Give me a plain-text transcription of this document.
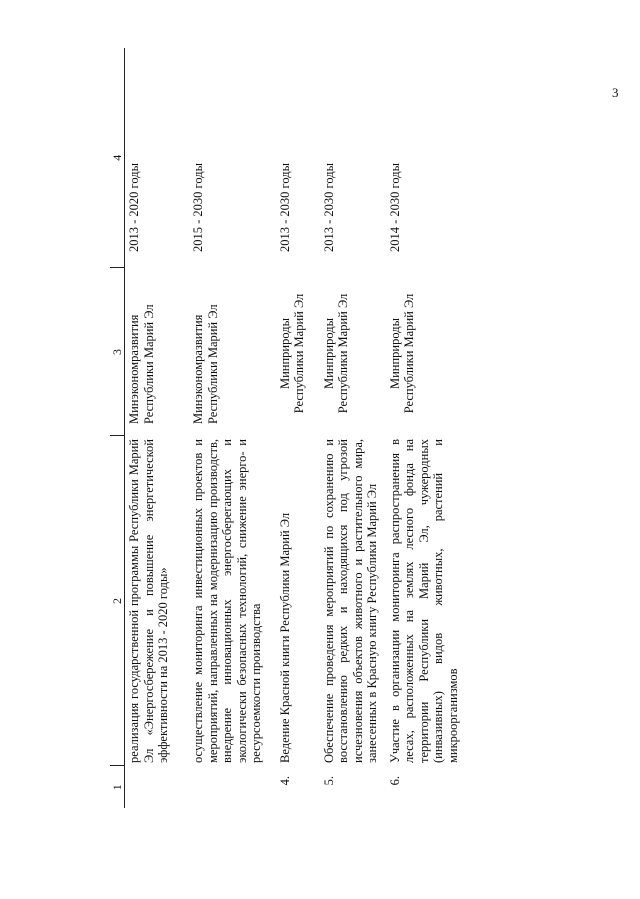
3
1	2	3	4
	реализация государственной программы Республики Марий Эл «Энергосбережение и повышение энергетической эффективности на 2013 - 2020 годы»	Минэкономразвития Республики Марий Эл	2013 - 2020 годы
	осуществление мониторинга инвестиционных проектов и мероприятий, направленных на модернизацию производств, внедрение инновационных энергосберегающих и экологически безопасных технологий, снижение энерго- и ресурсоемкости производства	Минэкономразвития Республики Марий Эл	2015 - 2030 годы
4.	Ведение Красной книги Республики Марий Эл	Минприроды Республики Марий Эл	2013 - 2030 годы
5.	Обеспечение проведения мероприятий по сохранению и восстановлению редких и находящихся под угрозой исчезновения объектов животного и растительного мира, занесенных в Красную книгу Республики Марий Эл	Минприроды Республики Марий Эл	2013 - 2030 годы
6.	Участие в организации мониторинга распространения в лесах, расположенных на землях лесного фонда на территории Республики Марий Эл, чужеродных (инвазивных) видов животных, растений и микроорганизмов	Минприроды Республики Марий Эл	2014 - 2030 годы
